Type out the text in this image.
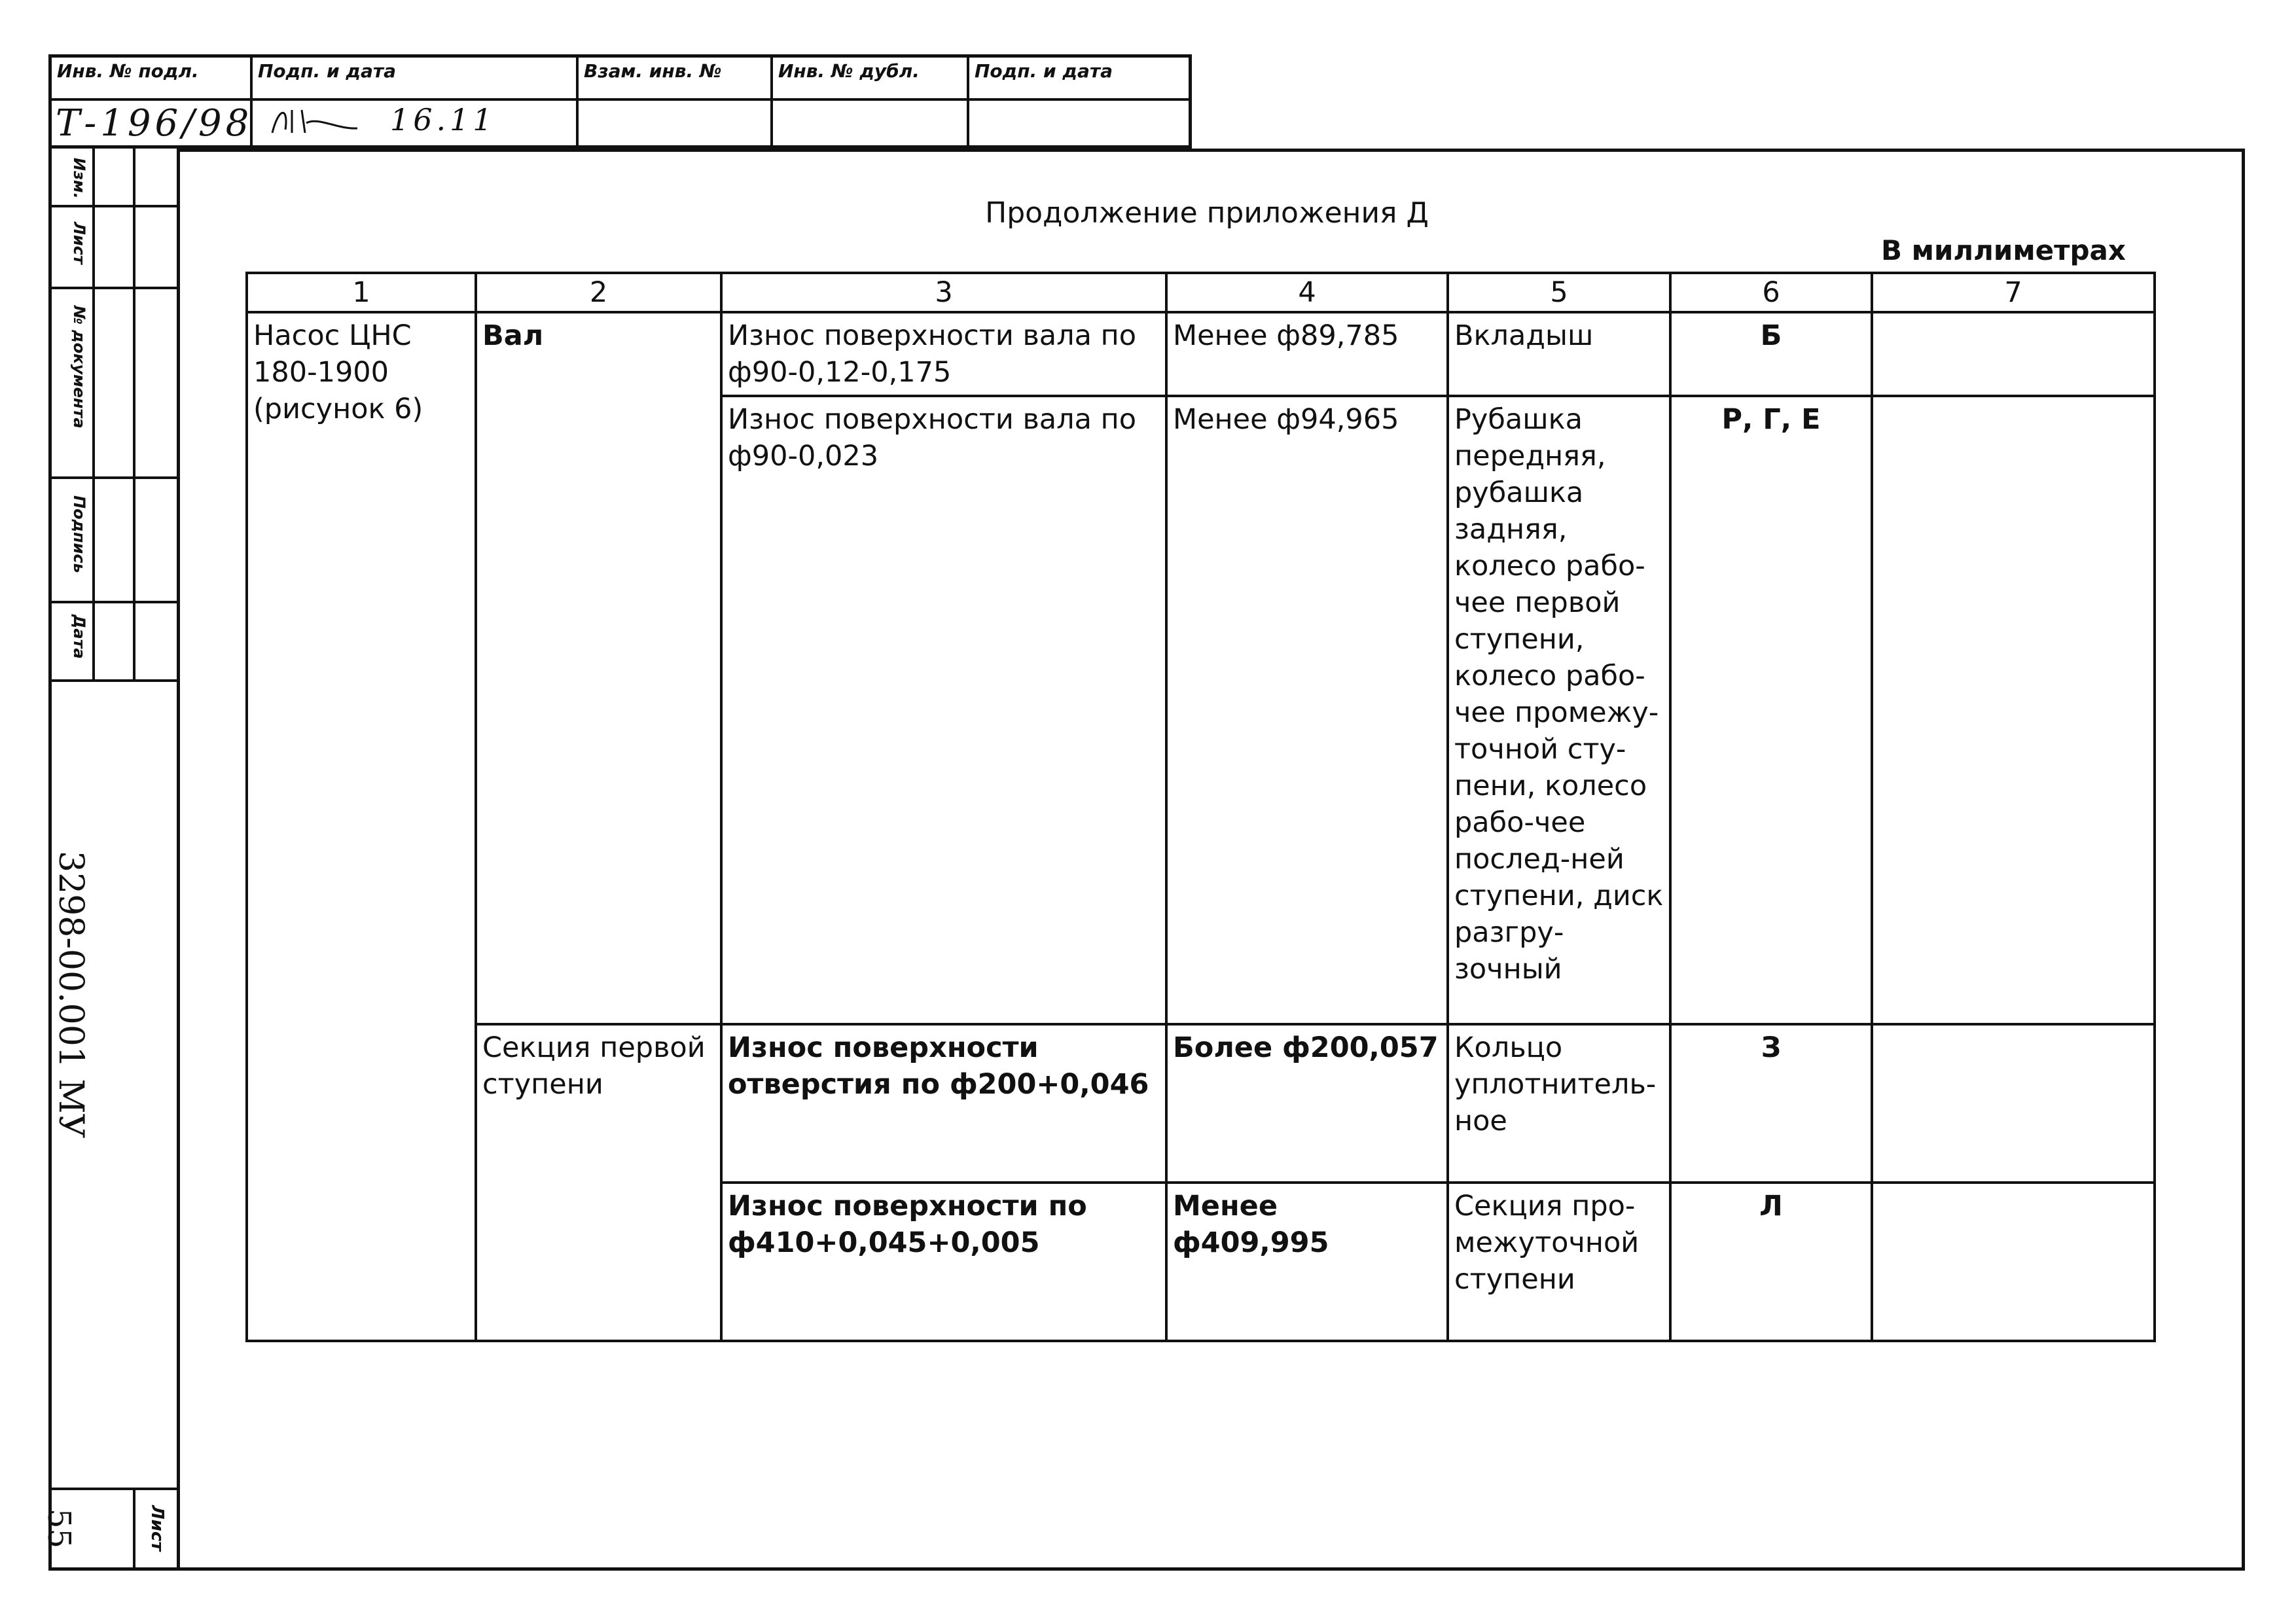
Инв. № подл.
Т-196/98
Подп. и дата
16.11
Взам. инв. №	Инв. № дубл.	Подп. и дата
Изм.
Лист
№ документа
Подпись
Дата
3298-00.001 МУ
55	Лист
Продолжение приложения Д
В миллиметрах
1	2	3	4	5	6	7
Насос ЦНС 180-1900 (рисунок 6)	Вал	Износ поверхности вала по ф90-0,12-0,175	Менее ф89,785	Вкладыш	Б	
		Износ поверхности вала по ф90-0,023	Менее ф94,965	Рубашка передняя, рубашка задняя, колесо рабо-чее первой ступени, колесо рабо-чее промежу-точной сту-пени, колесо рабо-чее послед-ней ступени, диск разгру-зочный	Р, Г, Е	
	Секция первой ступени	Износ поверхности отверстия по ф200+0,046	Более ф200,057	Кольцо уплотнитель-ное	З	
		Износ поверхности по ф410+0,045+0,005	Менее ф409,995	Секция про-межуточной ступени	Л	
